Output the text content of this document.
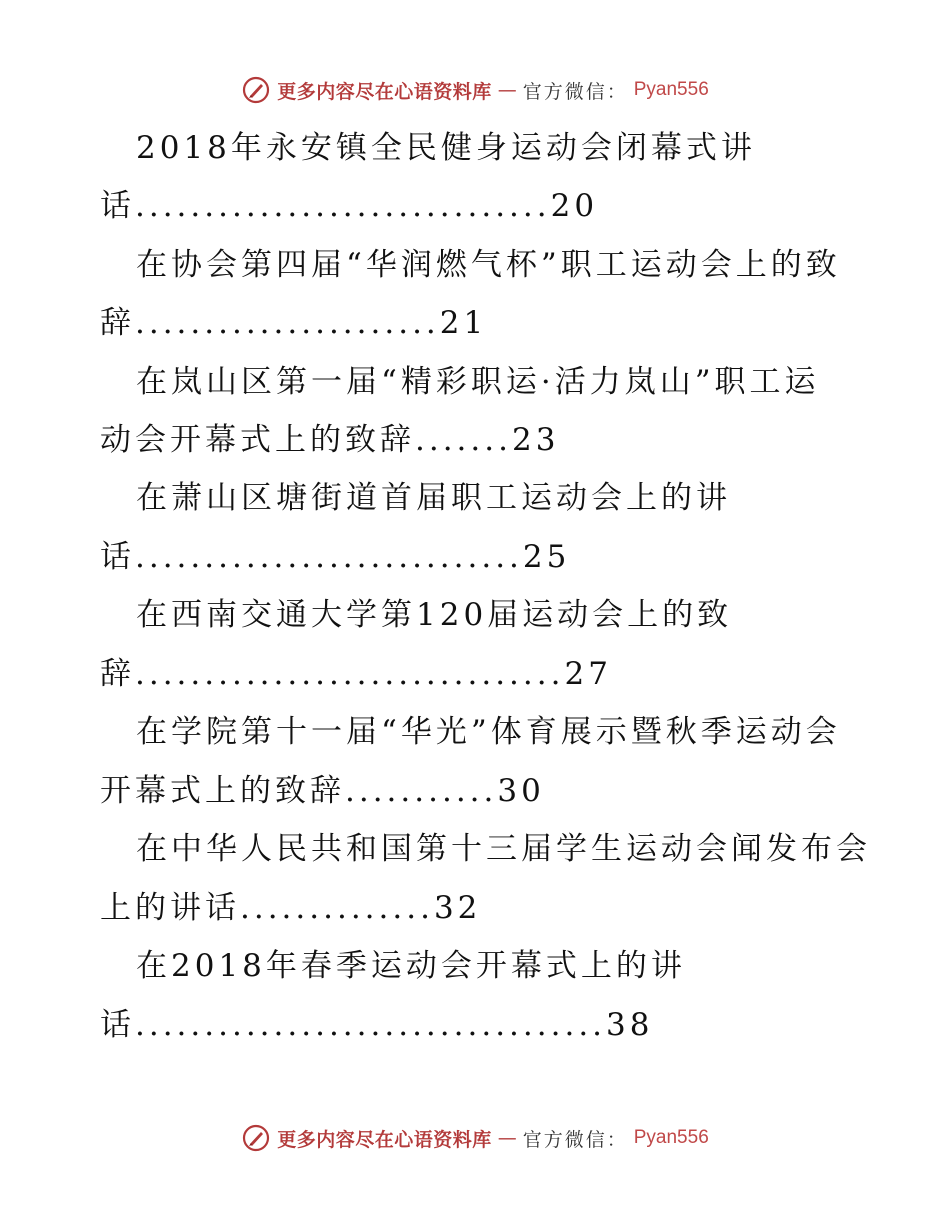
更多内容尽在心语资料库 — 官方微信： Pyan556
2018年永安镇全民健身运动会闭幕式讲
话..............................20
在协会第四届“华润燃气杯”职工运动会上的致
辞......................21
在岚山区第一届“精彩职运·活力岚山”职工运
动会开幕式上的致辞.......23
在萧山区塘街道首届职工运动会上的讲
话............................25
在西南交通大学第120届运动会上的致
辞...............................27
在学院第十一届“华光”体育展示暨秋季运动会
开幕式上的致辞...........30
在中华人民共和国第十三届学生运动会闻发布会
上的讲话..............32
在2018年春季运动会开幕式上的讲
话..................................38
更多内容尽在心语资料库 — 官方微信： Pyan556
